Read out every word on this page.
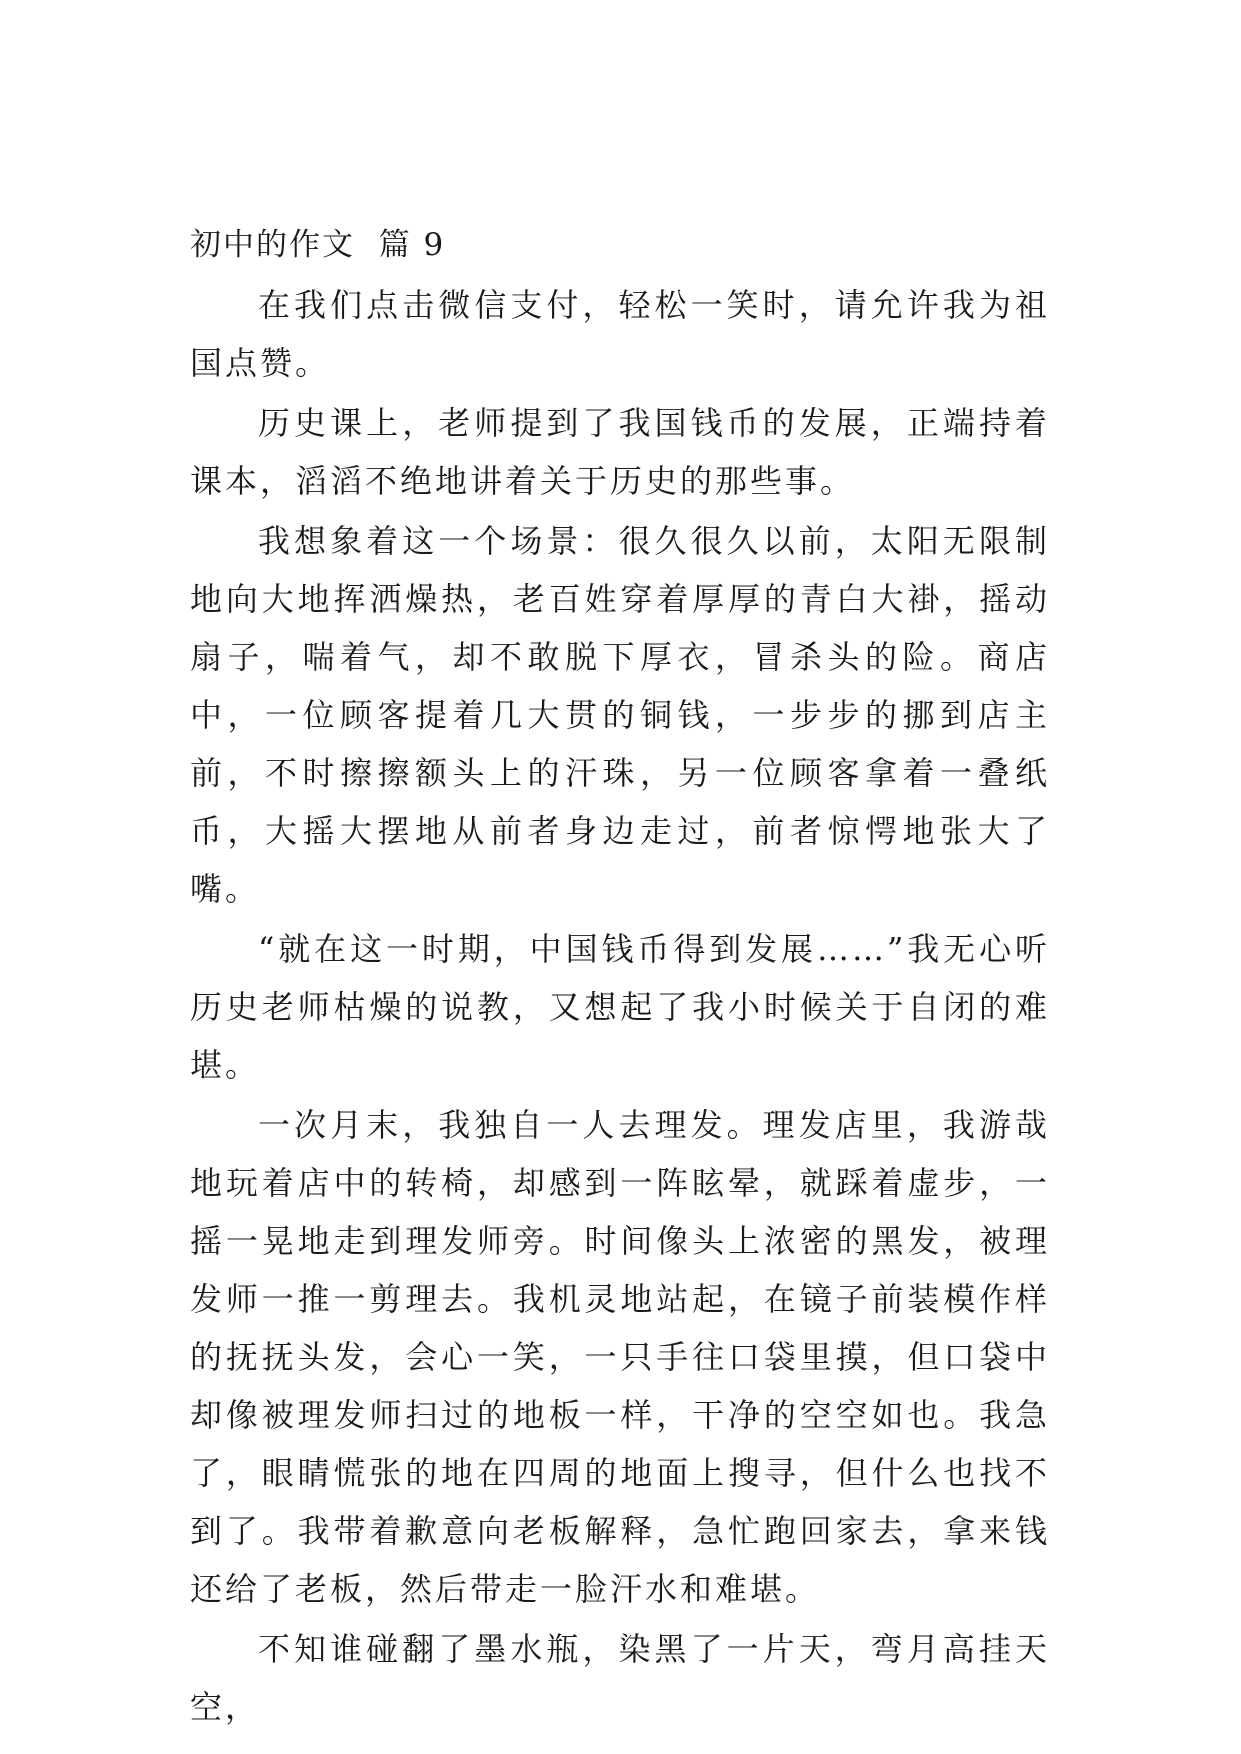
初中的作文  篇 9

在我们点击微信支付，轻松一笑时，请允许我为祖国点赞。

历史课上，老师提到了我国钱币的发展，正端持着课本，滔滔不绝地讲着关于历史的那些事。

我想象着这一个场景：很久很久以前，太阳无限制地向大地挥洒燥热，老百姓穿着厚厚的青白大褂，摇动扇子，喘着气，却不敢脱下厚衣，冒杀头的险。商店中，一位顾客提着几大贯的铜钱，一步步的挪到店主前，不时擦擦额头上的汗珠，另一位顾客拿着一叠纸币，大摇大摆地从前者身边走过，前者惊愕地张大了嘴。

“就在这一时期，中国钱币得到发展……”我无心听历史老师枯燥的说教，又想起了我小时候关于自闭的难堪。

一次月末，我独自一人去理发。理发店里，我游哉地玩着店中的转椅，却感到一阵眩晕，就踩着虚步，一摇一晃地走到理发师旁。时间像头上浓密的黑发，被理发师一推一剪理去。我机灵地站起，在镜子前装模作样的抚抚头发，会心一笑，一只手往口袋里摸，但口袋中却像被理发师扫过的地板一样，干净的空空如也。我急了，眼睛慌张的地在四周的地面上搜寻，但什么也找不到了。我带着歉意向老板解释，急忙跑回家去，拿来钱还给了老板，然后带走一脸汗水和难堪。

不知谁碰翻了墨水瓶，染黑了一片天，弯月高挂天空，
